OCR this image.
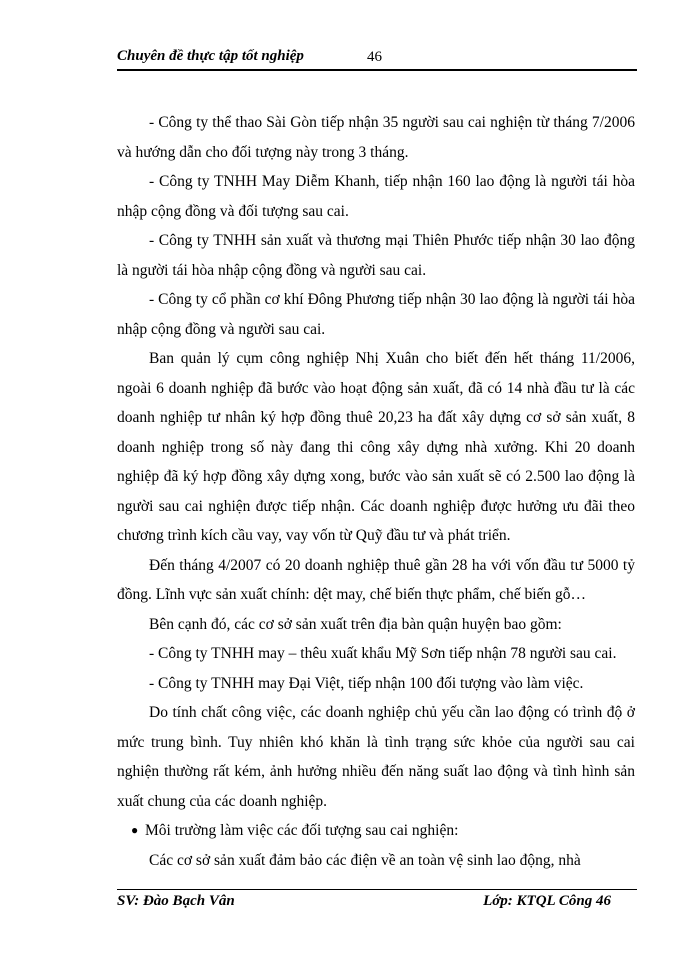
Chuyên đề thực tập tốt nghiệp	46

- Công ty thể thao Sài Gòn tiếp nhận 35 người sau cai nghiện từ tháng 7/2006 và hướng dẫn cho đối tượng này trong 3 tháng.

- Công ty TNHH May Diễm Khanh, tiếp nhận 160 lao động là người tái hòa nhập cộng đồng và đối tượng sau cai.

- Công ty TNHH sản xuất và thương mại Thiên Phước tiếp nhận 30 lao động là người tái hòa nhập cộng đồng và người sau cai.

- Công ty cổ phần cơ khí Đông Phương tiếp nhận 30 lao động là người tái hòa nhập cộng đồng và người sau cai.

Ban quản lý cụm công nghiệp Nhị Xuân cho biết đến hết tháng 11/2006, ngoài 6 doanh nghiệp đã bước vào hoạt động sản xuất, đã có 14 nhà đầu tư là các doanh nghiệp tư nhân ký hợp đồng thuê 20,23 ha đất xây dựng cơ sở sản xuất, 8 doanh nghiệp trong số này đang thi công xây dựng nhà xưởng. Khi 20 doanh nghiệp đã ký hợp đồng xây dựng xong, bước vào sản xuất sẽ có 2.500 lao động là người sau cai nghiện được tiếp nhận. Các doanh nghiệp được hưởng ưu đãi theo chương trình kích cầu vay, vay vốn từ Quỹ đầu tư và phát triển.

Đến tháng 4/2007 có 20 doanh nghiệp thuê gần 28 ha với vốn đầu tư 5000 tỷ đồng. Lĩnh vực sản xuất chính: dệt may, chế biến thực phẩm, chế biến gỗ…

Bên cạnh đó, các cơ sở sản xuất trên địa bàn quận huyện bao gồm:

- Công ty TNHH may – thêu xuất khẩu Mỹ Sơn tiếp nhận 78 người sau cai.

- Công ty TNHH may Đại Việt, tiếp nhận 100 đối tượng vào làm việc.

Do tính chất công việc, các doanh nghiệp chủ yếu cần lao động có trình độ ở mức trung bình. Tuy nhiên khó khăn là tình trạng sức khỏe của người sau cai nghiện thường rất kém, ảnh hưởng nhiều đến năng suất lao động và tình hình sản xuất chung của các doanh nghiệp.

● Môi trường làm việc các đối tượng sau cai nghiện:

Các cơ sở sản xuất đảm bảo các điện về an toàn vệ sinh lao động, nhà

SV: Đào Bạch Vân	Lớp: KTQL Công 46
